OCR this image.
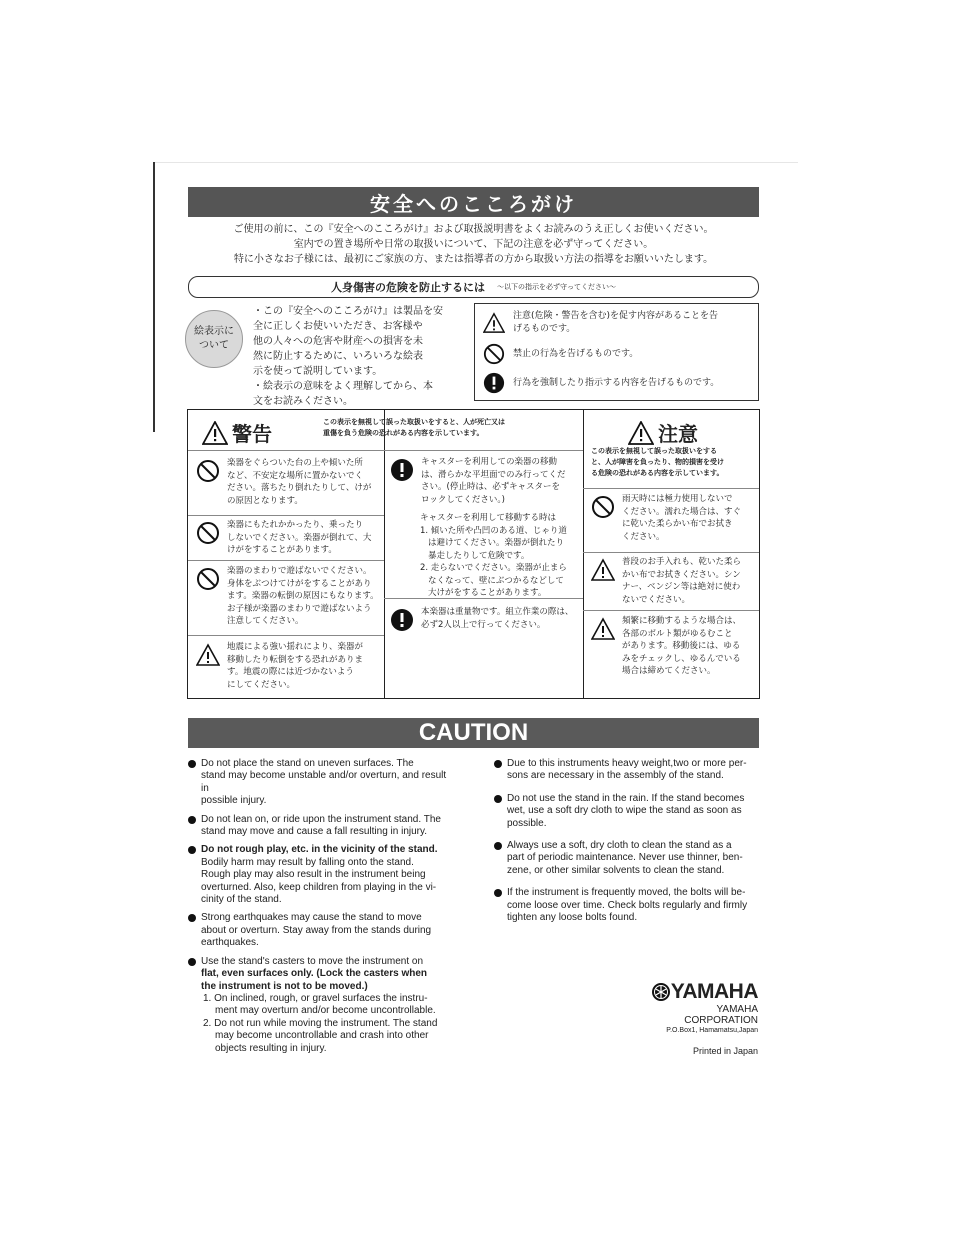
安全へのこころがけ
ご使用の前に、この『安全へのこころがけ』および取扱説明書をよくお読みのうえ正しくお使いください。
室内での置き場所や日常の取扱いについて、下記の注意を必ず守ってください。
特に小さなお子様には、最初にご家族の方、または指導者の方から取扱い方法の指導をお願いいたします。
人身傷害の危険を防止するには 〜以下の指示を必ず守ってください〜
絵表示に
ついて

・この『安全へのこころがけ』は製品を安

全に正しくお使いいただき、お客様や

他の人々への危害や財産への損害を未

然に防止するために、いろいろな絵表

示を使って説明しています。

・絵表示の意味をよく理解してから、本

文をお読みください。

注意(危険・警告を含む)を促す内容があることを告
げるものです。
禁止の行為を告げるものです。
行為を強制したり指示する内容を告げるものです。
警告	この表示を無視して誤った取扱いをすると、人が死亡又は
重傷を負う危険の恐れがある内容を示しています。

楽器をぐらついた台の上や傾いた所

など、不安定な場所に置かないでく

ださい。落ちたり倒れたりして、けが

の原因となります。

楽器にもたれかかったり、乗ったり

しないでください。楽器が倒れて、大

けがをすることがあります。

楽器のまわりで遊ばないでください。

身体をぶつけてけがをすることがあり

ます。楽器の転倒の原因にもなります。

お子様が楽器のまわりで遊ばないよう

注意してください。

地震による強い揺れにより、楽器が

移動したり転倒をする恐れがありま

す。地震の際には近づかないよう

にしてください。

キャスターを利用しての楽器の移動

は、滑らかな平坦面でのみ行ってくだ

さい。(停止時は、必ずキャスターを

ロックしてください。)

キャスターを利用して移動する時は

1. 傾いた所や凸凹のある道、じゃり道

は避けてください。楽器が倒れたり

暴走したりして危険です。

2. 走らないでください。楽器が止まら

なくなって、壁にぶつかるなどして

大けがをすることがあります。

本楽器は重量物です。組立作業の際は、

必ず2人以上で行ってください。

注意
この表示を無視して誤った取扱いをする
と、人が障害を負ったり、物的損害を受け
る危険の恐れがある内容を示しています。

雨天時には極力使用しないで

ください。濡れた場合は、すぐ

に乾いた柔らかい布でお拭き

ください。

普段のお手入れも、乾いた柔ら

かい布でお拭きください。シン

ナー、ベンジン等は絶対に使わ

ないでください。

頻繁に移動するような場合は、

各部のボルト類がゆるむこと

があります。移動後には、ゆる

みをチェックし、ゆるんでいる

場合は締めてください。

CAUTION

Do not place the stand on uneven surfaces. The

stand may become unstable and/or overturn, and result in

possible injury.

Do not lean on, or ride upon the instrument stand. The

stand may move and cause a fall resulting in injury.

Do not rough play, etc. in the vicinity of the stand.

Bodily harm may result by falling onto the stand.

Rough play may also result in the instrument being

overturned. Also, keep children from playing in the vi-

cinity of the stand.

Strong earthquakes may cause the stand to move

about or overturn. Stay away from the stands during

earthquakes.

Use the stand's casters to move the instrument on

flat, even surfaces only. (Lock the casters when

the instrument is not to be moved.)

1. On inclined, rough, or gravel surfaces the instru-

ment may overturn and/or become uncontrollable.

2. Do not run while moving the instrument. The stand

may become uncontrollable and crash into other

objects resulting in injury.

Due to this instruments heavy weight,two or more per-

sons are necessary in the assembly of the stand.

Do not use the stand in the rain. If the stand becomes

wet, use a soft dry cloth to wipe the stand as soon as

possible.

Always use a soft, dry cloth to clean the stand as a

part of periodic maintenance. Never use thinner, ben-

zene, or other similar solvents to clean the stand.

If the instrument is frequently moved, the bolts will be-

come loose over time. Check bolts regularly and firmly

tighten any loose bolts found.

YAMAHA
YAMAHA CORPORATION
P.O.Box1, Hamamatsu,Japan
Printed in Japan
